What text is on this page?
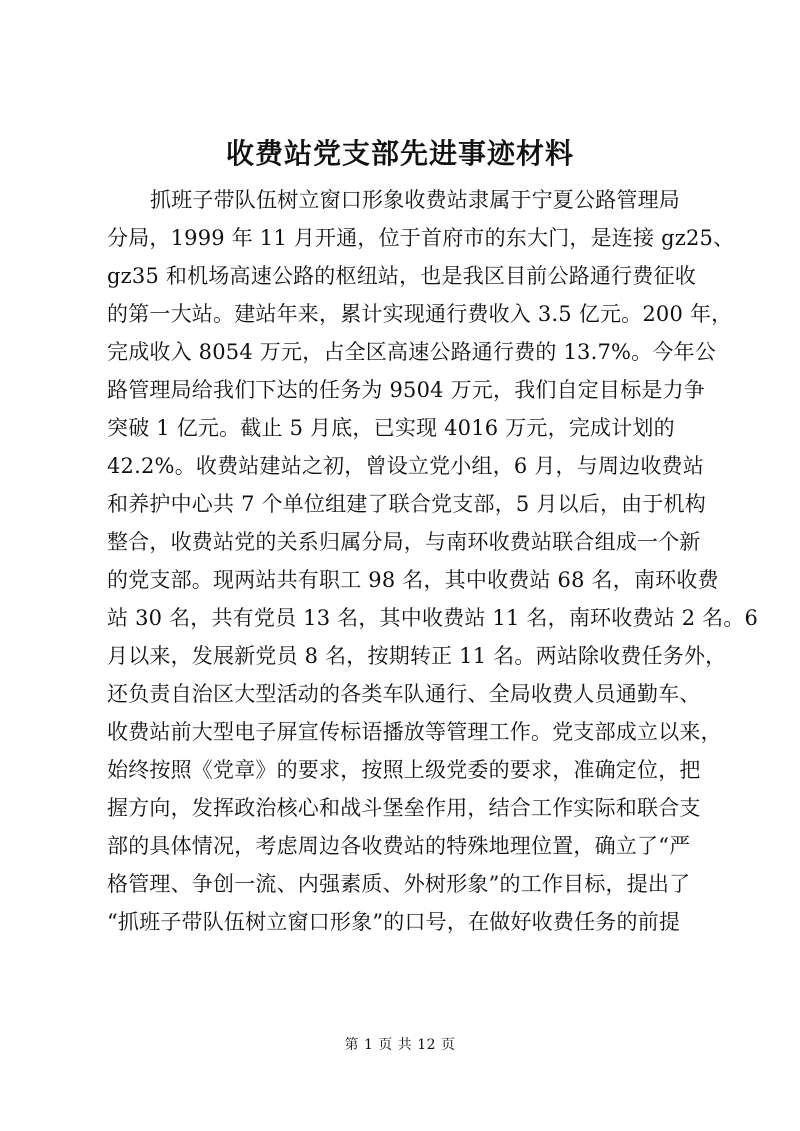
收费站党支部先进事迹材料
抓班子带队伍树立窗口形象收费站隶属于宁夏公路管理局
分局，1999 年 11 月开通，位于首府市的东大门，是连接 gz25、
gz35 和机场高速公路的枢纽站，也是我区目前公路通行费征收
的第一大站。建站年来，累计实现通行费收入 3.5 亿元。200 年，
完成收入 8054 万元，占全区高速公路通行费的 13.7%。今年公
路管理局给我们下达的任务为 9504 万元，我们自定目标是力争
突破 1 亿元。截止 5 月底，已实现 4016 万元，完成计划的
42.2%。收费站建站之初，曾设立党小组，6 月，与周边收费站
和养护中心共 7 个单位组建了联合党支部，5 月以后，由于机构
整合，收费站党的关系归属分局，与南环收费站联合组成一个新
的党支部。现两站共有职工 98 名，其中收费站 68 名，南环收费
站 30 名，共有党员 13 名，其中收费站 11 名，南环收费站 2 名。6
月以来，发展新党员 8 名，按期转正 11 名。两站除收费任务外，
还负责自治区大型活动的各类车队通行、全局收费人员通勤车、
收费站前大型电子屏宣传标语播放等管理工作。党支部成立以来，
始终按照《党章》的要求，按照上级党委的要求，准确定位，把
握方向，发挥政治核心和战斗堡垒作用，结合工作实际和联合支
部的具体情况，考虑周边各收费站的特殊地理位置，确立了“严
格管理、争创一流、内强素质、外树形象”的工作目标，提出了
“抓班子带队伍树立窗口形象”的口号，在做好收费任务的前提
第 1 页 共 12 页
